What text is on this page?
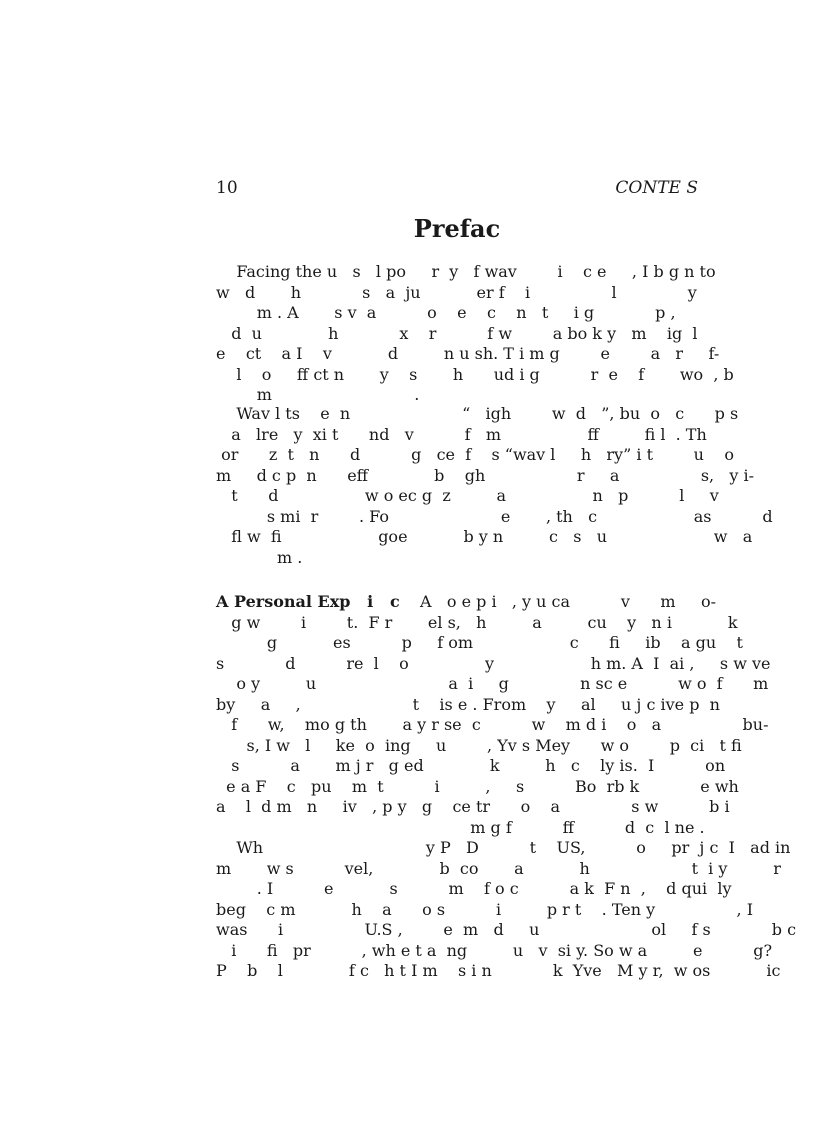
10	CONTE S
Prefac
Facing the u   s   l po     r  y   f wav        i    c e     , I b g n to
w   d       h            s   a  ju           er f    i                l              y
m . A       s v  a          o    e    c    n   t     i g            p ,
d  u             h            x    r          f w        a bo k y   m    ig  l
e    ct    a I    v           d         n u sh. T i m g        e        a   r     f-
l    o     ff ct n       y    s       h      ud i g          r  e    f       wo  , b
m                            .
Wav l ts    e  n                      “   igh        w  d   ”, bu  o   c      p s
a   lre   y  xi t      nd   v          f   m                 ff         fi l  . Th
or      z  t   n      d          g   ce  f    s “wav l     h   ry” i t        u    o
m     d c p  n      eff             b    gh                  r     a                s,   y i-
t      d                 w o ec g  z         a                 n   p          l     v
s mi  r        . Fo                      e       , th   c                   as          d
fl w  fi                   goe           b y n         c   s   u                     w   a
m .
A Personal Exp   i   c    A   o e p i   , y u ca          v      m     o-
g w        i        t.  F r       el s,   h         a         cu    y   n i           k
g           es          p     f om                   c      fi     ib    a gu    t
s            d          re  l    o               y                   h m. A  I  ai ,     s w ve
o y         u                          a  i     g              n sc e          w o  f      m
by     a     ,                      t    is e . From    y     al     u j c ive p  n
f      w,    mo g th       a y r se  c          w    m d i    o   a                bu-
s, I w   l     ke  o  ing     u        , Yv s Mey      w o        p  ci   t fi
s          a       m j r   g ed             k         h   c    ly is.  I          on
e a F    c   pu    m  t          i         ,     s          Bo  rb k            e wh
a    l  d m   n     iv   , p y   g    ce tr      o    a              s w          b i
m g f          ff          d  c  l ne .
Wh                                y P   D          t    US,          o     pr  j c  I   ad in
m       w s          vel,             b  co       a           h                    t  i y         r
. I          e           s          m    f o c          a k  F n  ,    d qui  ly
beg    c m           h    a      o s          i         p r t    . Ten y                , I
was      i                U.S ,        e  m   d     u                      ol     f s            b c
i      fi   pr          , wh e t a  ng         u   v  si y. So w a         e          g?
P    b    l             f c   h t I m    s i n            k  Yve   M y r,  w os           ic
